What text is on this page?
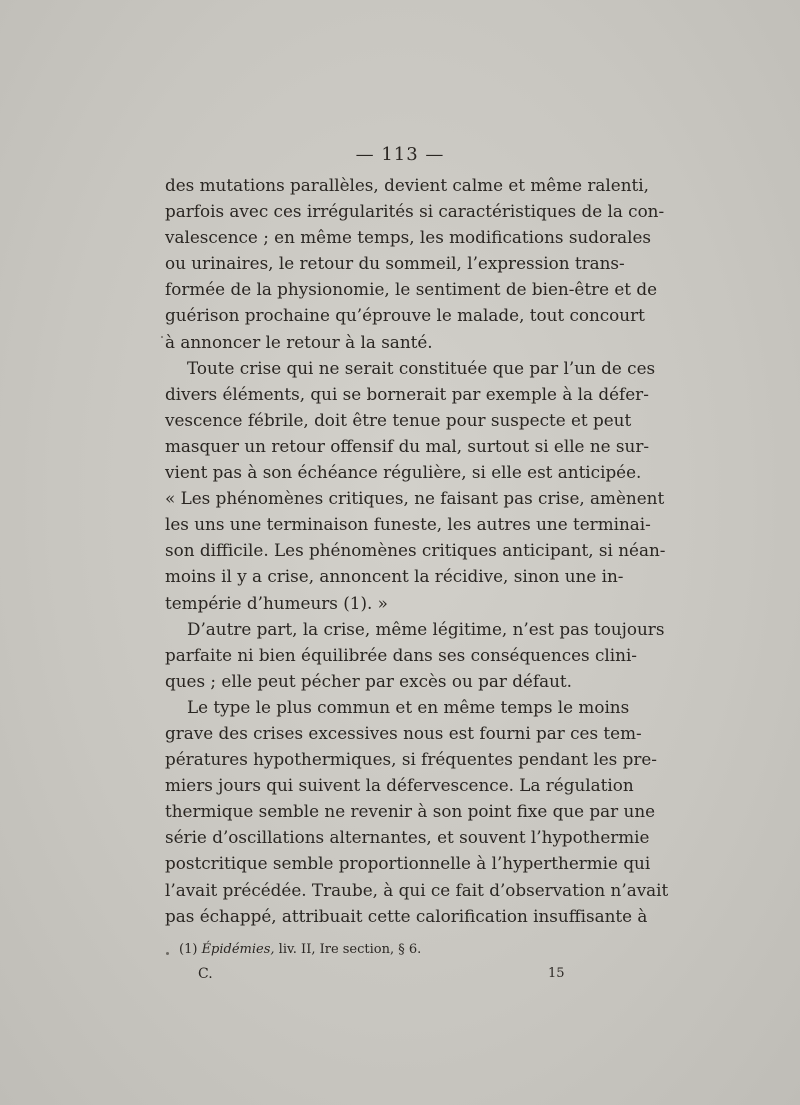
— 113 —
des mutations parallèles, devient calme et même ralenti,
parfois avec ces irrégularités si caractéristiques de la con-
valescence ; en même temps, les modifications sudorales
ou urinaires, le retour du sommeil, l’expression trans-
formée de la physionomie, le sentiment de bien-être et de
guérison prochaine qu’éprouve le malade, tout concourt
à annoncer le retour à la santé.
Toute crise qui ne serait constituée que par l’un de ces
divers éléments, qui se bornerait par exemple à la défer-
vescence fébrile, doit être tenue pour suspecte et peut
masquer un retour offensif du mal, surtout si elle ne sur-
vient pas à son échéance régulière, si elle est anticipée.
« Les phénomènes critiques, ne faisant pas crise, amènent
les uns une terminaison funeste, les autres une terminai-
son difficile. Les phénomènes critiques anticipant, si néan-
moins il y a crise, annoncent la récidive, sinon une in-
tempérie d’humeurs (1). »
D’autre part, la crise, même légitime, n’est pas toujours
parfaite ni bien équilibrée dans ses conséquences clini-
ques ; elle peut pécher par excès ou par défaut.
Le type le plus commun et en même temps le moins
grave des crises excessives nous est fourni par ces tem-
pératures hypothermiques, si fréquentes pendant les pre-
miers jours qui suivent la défervescence. La régulation
thermique semble ne revenir à son point fixe que par une
série d’oscillations alternantes, et souvent l’hypothermie
postcritique semble proportionnelle à l’hyperthermie qui
l’avait précédée. Traube, à qui ce fait d’observation n’avait
pas échappé, attribuait cette calorification insuffisante à
(1) Épidémies, liv. II, Ire section, § 6.
C.	15
